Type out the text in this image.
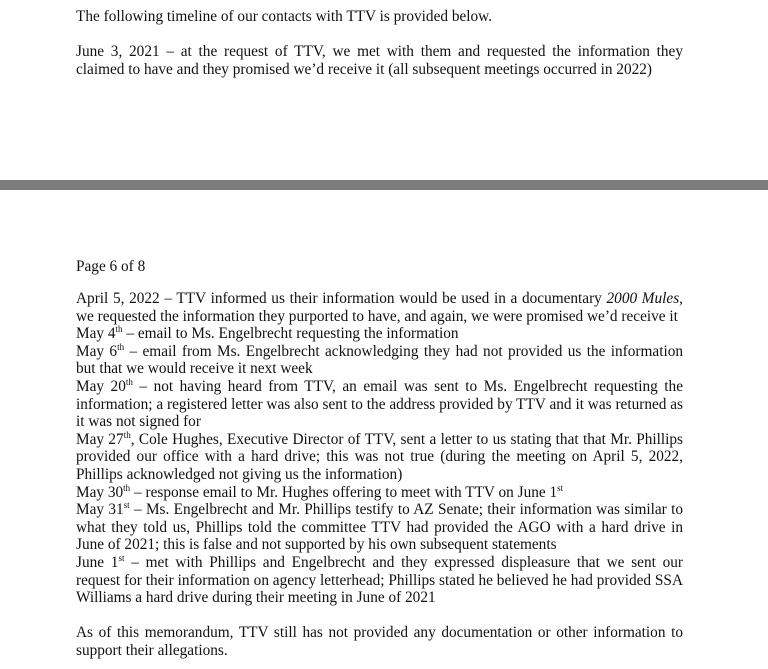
The following timeline of our contacts with TTV is provided below.

June 3, 2021 – at the request of TTV, we met with them and requested the information they claimed to have and they promised we’d receive it (all subsequent meetings occurred in 2022)

Page 6 of 8

April 5, 2022 – TTV informed us their information would be used in a documentary 2000 Mules, we requested the information they purported to have, and again, we were promised we’d receive it
May 4th – email to Ms. Engelbrecht requesting the information
May 6th – email from Ms. Engelbrecht acknowledging they had not provided us the information but that we would receive it next week
May 20th – not having heard from TTV, an email was sent to Ms. Engelbrecht requesting the information; a registered letter was also sent to the address provided by TTV and it was returned as it was not signed for
May 27th, Cole Hughes, Executive Director of TTV, sent a letter to us stating that that Mr. Phillips provided our office with a hard drive; this was not true (during the meeting on April 5, 2022, Phillips acknowledged not giving us the information)
May 30th – response email to Mr. Hughes offering to meet with TTV on June 1st
May 31st – Ms. Engelbrecht and Mr. Phillips testify to AZ Senate; their information was similar to what they told us, Phillips told the committee TTV had provided the AGO with a hard drive in June of 2021; this is false and not supported by his own subsequent statements
June 1st – met with Phillips and Engelbrecht and they expressed displeasure that we sent our request for their information on agency letterhead; Phillips stated he believed he had provided SSA Williams a hard drive during their meeting in June of 2021

As of this memorandum, TTV still has not provided any documentation or other information to support their allegations.
